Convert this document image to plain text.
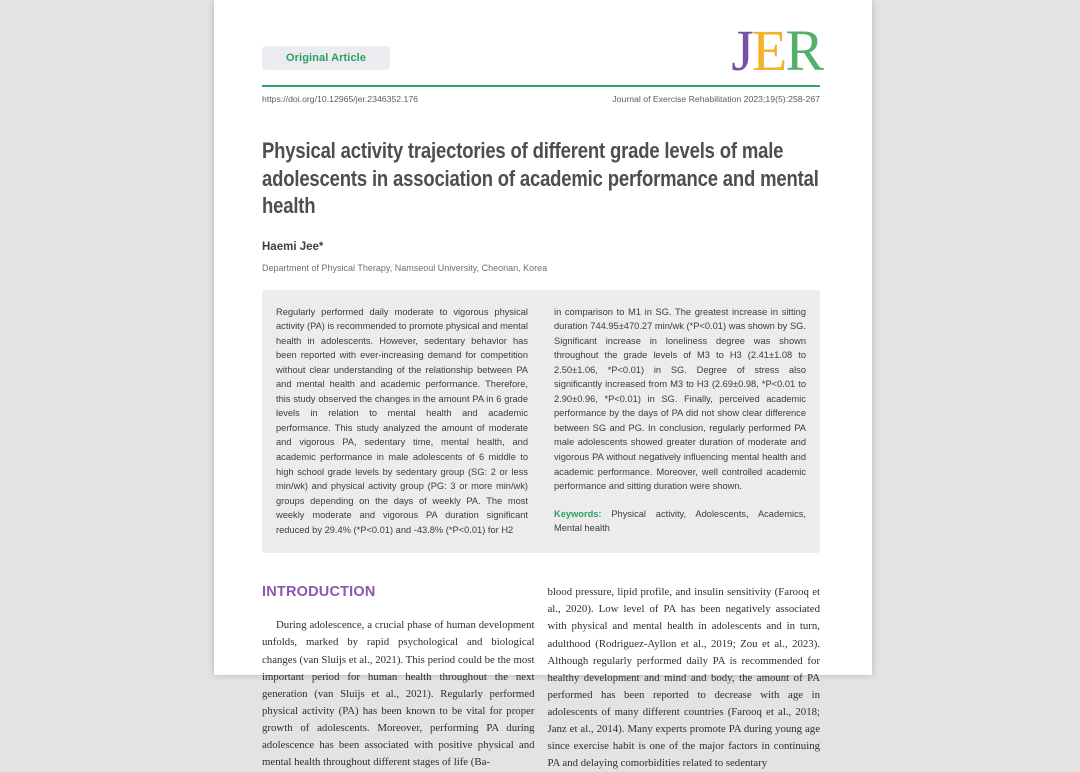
Original Article	JER
https://doi.org/10.12965/jer.2346352.176	Journal of Exercise Rehabilitation 2023;19(5):258-267
Physical activity trajectories of different grade levels of male adolescents in association of academic performance and mental health
Haemi Jee*
Department of Physical Therapy, Namseoul University, Cheonan, Korea
Regularly performed daily moderate to vigorous physical activity (PA) is recommended to promote physical and mental health in adolescents. However, sedentary behavior has been reported with ever-increasing demand for competition without clear understanding of the relationship between PA and mental health and academic performance. Therefore, this study observed the changes in the amount PA in 6 grade levels in relation to mental health and academic performance. This study analyzed the amount of moderate and vigorous PA, sedentary time, mental health, and academic performance in male adolescents of 6 middle to high school grade levels by sedentary group (SG: 2 or less min/wk) and physical activity group (PG: 3 or more min/wk) groups depending on the days of weekly PA. The most weekly moderate and vigorous PA duration significant reduced by 29.4% (*P<0.01) and -43.8% (*P<0.01) for H2
in comparison to M1 in SG. The greatest increase in sitting duration 744.95±470.27 min/wk (*P<0.01) was shown by SG. Significant increase in loneliness degree was shown throughout the grade levels of M3 to H3 (2.41±1.08 to 2.50±1.06, *P<0.01) in SG. Degree of stress also significantly increased from M3 to H3 (2.69±0.98, *P<0.01 to 2.90±0.96, *P<0.01) in SG. Finally, perceived academic performance by the days of PA did not show clear difference between SG and PG. In conclusion, regularly performed PA male adolescents showed greater duration of moderate and vigorous PA without negatively influencing mental health and academic performance. Moreover, well controlled academic performance and sitting duration were shown.
Keywords: Physical activity, Adolescents, Academics, Mental health
INTRODUCTION
During adolescence, a crucial phase of human development unfolds, marked by rapid psychological and biological changes (van Sluijs et al., 2021). This period could be the most important period for human health throughout the next generation (van Sluijs et al., 2021). Regularly performed physical activity (PA) has been known to be vital for proper growth of adolescents. Moreover, performing PA during adolescence has been associated with positive physical and mental health throughout different stages of life (Ba-
blood pressure, lipid profile, and insulin sensitivity (Farooq et al., 2020). Low level of PA has been negatively associated with physical and mental health in adolescents and in turn, adulthood (Rodriguez-Ayllon et al., 2019; Zou et al., 2023). Although regularly performed daily PA is recommended for healthy development and mind and body, the amount of PA performed has been reported to decrease with age in adolescents of many different countries (Farooq et al., 2018; Janz et al., 2014). Many experts promote PA during young age since exercise habit is one of the major factors in continuing PA and delaying comorbidities related to sedentary
